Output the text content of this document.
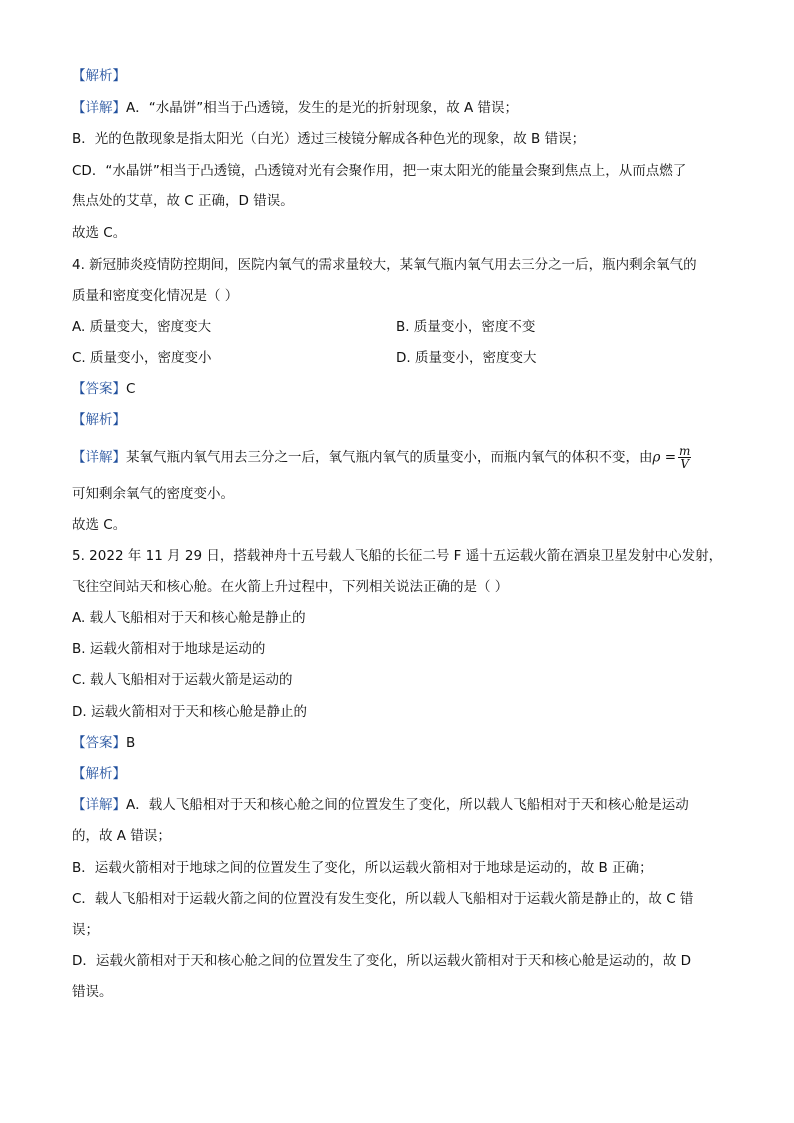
【解析】
【详解】A．“水晶饼”相当于凸透镜，发生的是光的折射现象，故 A 错误；
B．光的色散现象是指太阳光（白光）透过三棱镜分解成各种色光的现象，故 B 错误；
CD．“水晶饼”相当于凸透镜，凸透镜对光有会聚作用，把一束太阳光的能量会聚到焦点上，从而点燃了
焦点处的艾草，故 C 正确，D 错误。
故选 C。
4. 新冠肺炎疫情防控期间，医院内氧气的需求量较大，某氧气瓶内氧气用去三分之一后，瓶内剩余氧气的
质量和密度变化情况是（ ）
A. 质量变大，密度变大	B. 质量变小，密度不变
C. 质量变小，密度变小	D. 质量变小，密度变大
【答案】C
【解析】
【详解】某氧气瓶内氧气用去三分之一后，氧气瓶内氧气的质量变小，而瓶内氧气的体积不变，由$\rho = \frac{m}{V}$
可知剩余氧气的密度变小。
故选 C。
5. 2022 年 11 月 29 日，搭载神舟十五号载人飞船的长征二号 F 遥十五运载火箭在酒泉卫星发射中心发射，
飞往空间站天和核心舱。在火箭上升过程中，下列相关说法正确的是（ ）
A. 载人飞船相对于天和核心舱是静止的
B. 运载火箭相对于地球是运动的
C. 载人飞船相对于运载火箭是运动的
D. 运载火箭相对于天和核心舱是静止的
【答案】B
【解析】
【详解】A．载人飞船相对于天和核心舱之间的位置发生了变化，所以载人飞船相对于天和核心舱是运动
的，故 A 错误；
B．运载火箭相对于地球之间的位置发生了变化，所以运载火箭相对于地球是运动的，故 B 正确；
C．载人飞船相对于运载火箭之间的位置没有发生变化，所以载人飞船相对于运载火箭是静止的，故 C 错
误；
D．运载火箭相对于天和核心舱之间的位置发生了变化，所以运载火箭相对于天和核心舱是运动的，故 D
错误。
